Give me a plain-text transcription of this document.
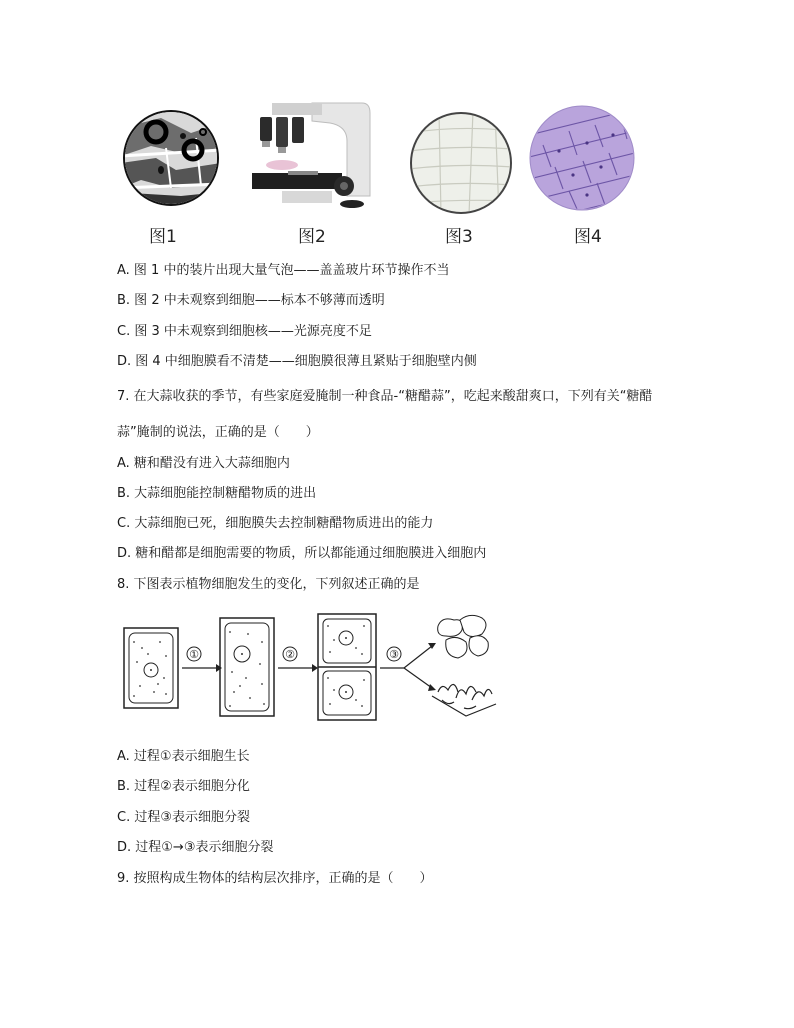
图1	图2	图3	图4
A. 图 1 中的装片出现大量气泡——盖盖玻片环节操作不当
B. 图 2 中未观察到细胞——标本不够薄而透明
C. 图 3 中未观察到细胞核——光源亮度不足
D. 图 4 中细胞膜看不清楚——细胞膜很薄且紧贴于细胞壁内侧
7. 在大蒜收获的季节，有些家庭爱腌制一种食品-“糖醋蒜”，吃起来酸甜爽口，下列有关“糖醋
蒜”腌制的说法，正确的是（　　）
A. 糖和醋没有进入大蒜细胞内
B. 大蒜细胞能控制糖醋物质的进出
C. 大蒜细胞已死，细胞膜失去控制糖醋物质进出的能力
D. 糖和醋都是细胞需要的物质，所以都能通过细胞膜进入细胞内
8. 下图表示植物细胞发生的变化，下列叙述正确的是
①	②	③
A. 过程①表示细胞生长
B. 过程②表示细胞分化
C. 过程③表示细胞分裂
D. 过程①→③表示细胞分裂
9. 按照构成生物体的结构层次排序，正确的是（　　）
